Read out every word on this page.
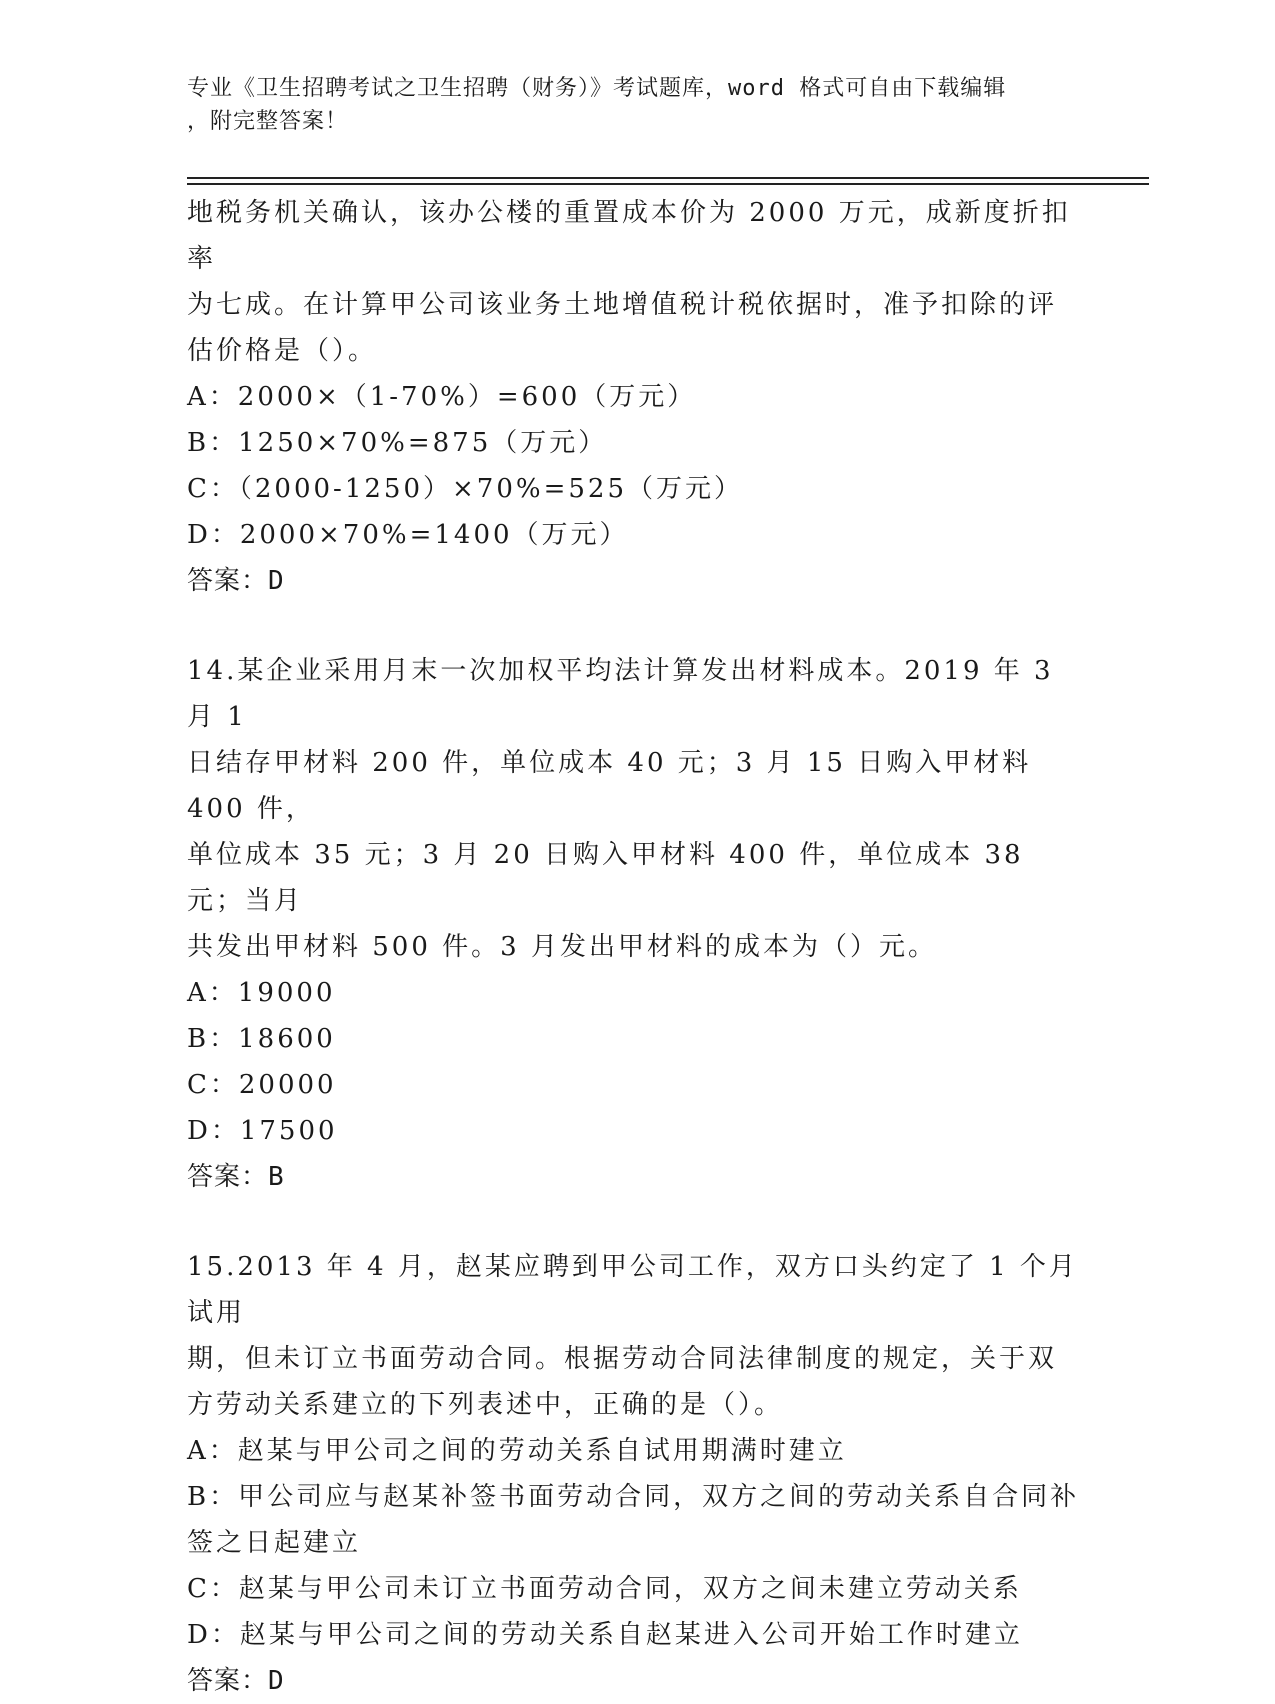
专业《卫生招聘考试之卫生招聘（财务）》考试题库，word 格式可自由下载编辑
，附完整答案！

地税务机关确认，该办公楼的重置成本价为 2000 万元，成新度折扣率

为七成。在计算甲公司该业务土地增值税计税依据时，准予扣除的评

估价格是（）。

A：2000×（1-70%）=600（万元）

B：1250×70%=875（万元）

C：（2000-1250）×70%=525（万元）

D：2000×70%=1400（万元）

答案：D

14.某企业采用月末一次加权平均法计算发出材料成本。2019 年 3 月 1

日结存甲材料 200 件，单位成本 40 元；3 月 15 日购入甲材料 400 件，

单位成本 35 元；3 月 20 日购入甲材料 400 件，单位成本 38 元；当月

共发出甲材料 500 件。3 月发出甲材料的成本为（）元。

A：19000

B：18600

C：20000

D：17500

答案：B

15.2013 年 4 月，赵某应聘到甲公司工作，双方口头约定了 1 个月试用

期，但未订立书面劳动合同。根据劳动合同法律制度的规定，关于双

方劳动关系建立的下列表述中，正确的是（）。

A：赵某与甲公司之间的劳动关系自试用期满时建立

B：甲公司应与赵某补签书面劳动合同，双方之间的劳动关系自合同补

签之日起建立

C：赵某与甲公司未订立书面劳动合同，双方之间未建立劳动关系

D：赵某与甲公司之间的劳动关系自赵某进入公司开始工作时建立

答案：D
